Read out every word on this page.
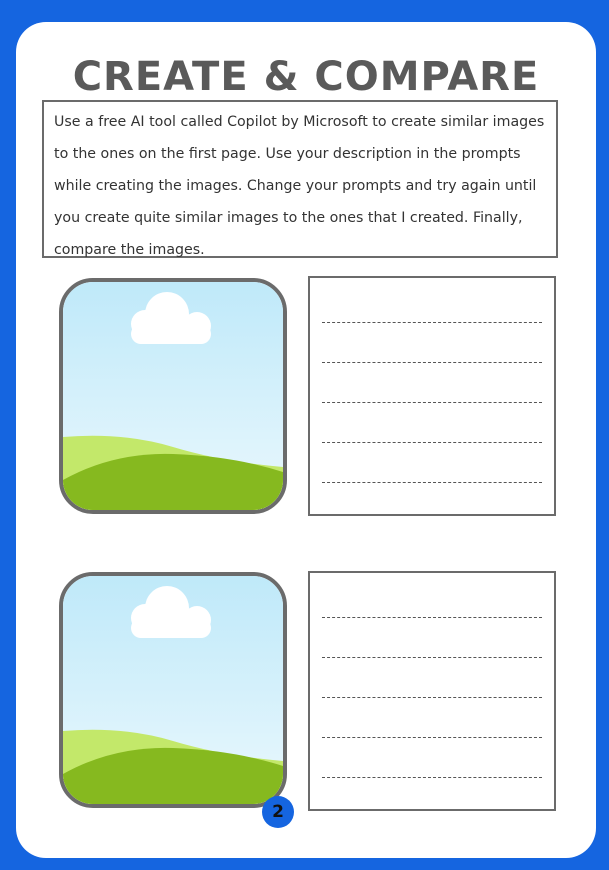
CREATE & COMPARE
Use a free AI tool called Copilot by Microsoft to create similar images to the ones on the first page. Use your description in the prompts while creating the images. Change your prompts and try again until you create quite similar images to the ones that I created. Finally, compare the images.
2
